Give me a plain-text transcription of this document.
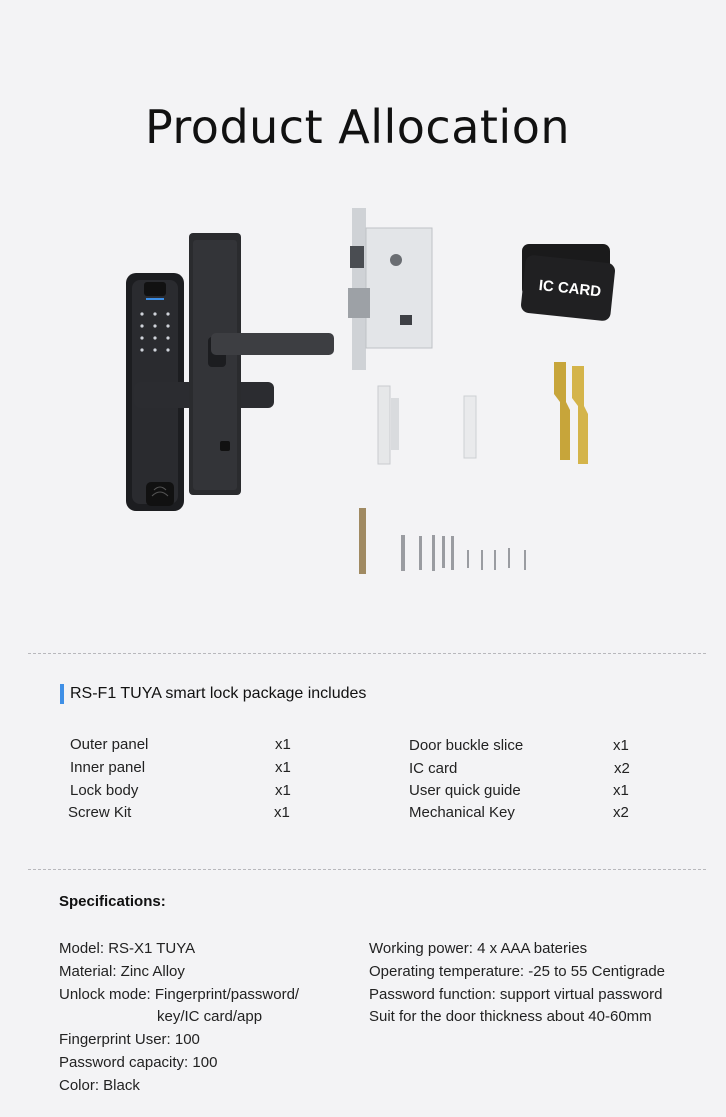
Product Allocation
IC CARD
RS-F1 TUYA smart lock package includes
Outer panel	x1
Inner panel	x1
Lock body	x1
Screw Kit	x1
Door buckle slice	x1
IC card	x2
User quick guide	x1
Mechanical Key	x2
Specifications:
Model: RS-X1 TUYA
Material: Zinc Alloy
Unlock mode: Fingerprint/password/
key/IC card/app
Fingerprint User: 100
Password capacity: 100
Color: Black
Working power: 4 x AAA bateries
Operating temperature: -25 to 55 Centigrade
Password function: support virtual password
Suit for the door thickness about 40-60mm
